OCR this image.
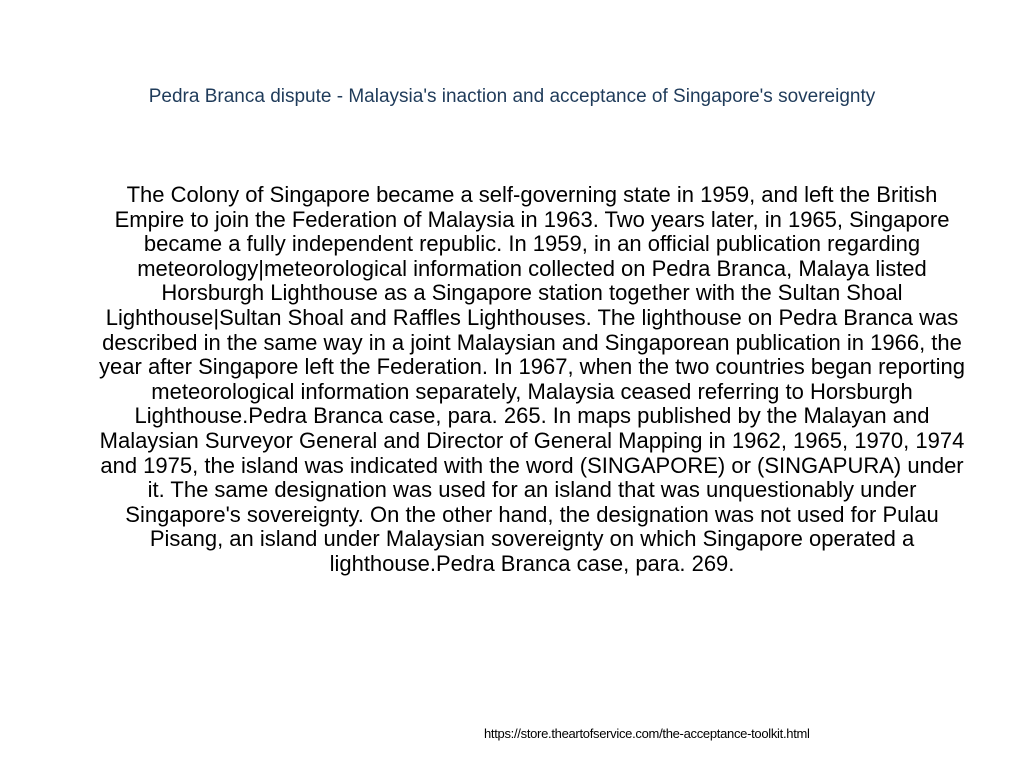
Pedra Branca dispute - Malaysia's inaction and acceptance of Singapore's sovereignty
The Colony of Singapore became a self-governing state in 1959, and left the British Empire to join the Federation of Malaysia in 1963. Two years later, in 1965, Singapore became a fully independent republic. In 1959, in an official publication regarding meteorology|meteorological information collected on Pedra Branca, Malaya listed Horsburgh Lighthouse as a Singapore station together with the Sultan Shoal Lighthouse|Sultan Shoal and Raffles Lighthouses. The lighthouse on Pedra Branca was described in the same way in a joint Malaysian and Singaporean publication in 1966, the year after Singapore left the Federation. In 1967, when the two countries began reporting meteorological information separately, Malaysia ceased referring to Horsburgh Lighthouse.Pedra Branca case, para. 265. In maps published by the Malayan and Malaysian Surveyor General and Director of General Mapping in 1962, 1965, 1970, 1974 and 1975, the island was indicated with the word (SINGAPORE) or (SINGAPURA) under it. The same designation was used for an island that was unquestionably under Singapore's sovereignty. On the other hand, the designation was not used for Pulau Pisang, an island under Malaysian sovereignty on which Singapore operated a lighthouse.Pedra Branca case, para. 269.
https://store.theartofservice.com/the-acceptance-toolkit.html
